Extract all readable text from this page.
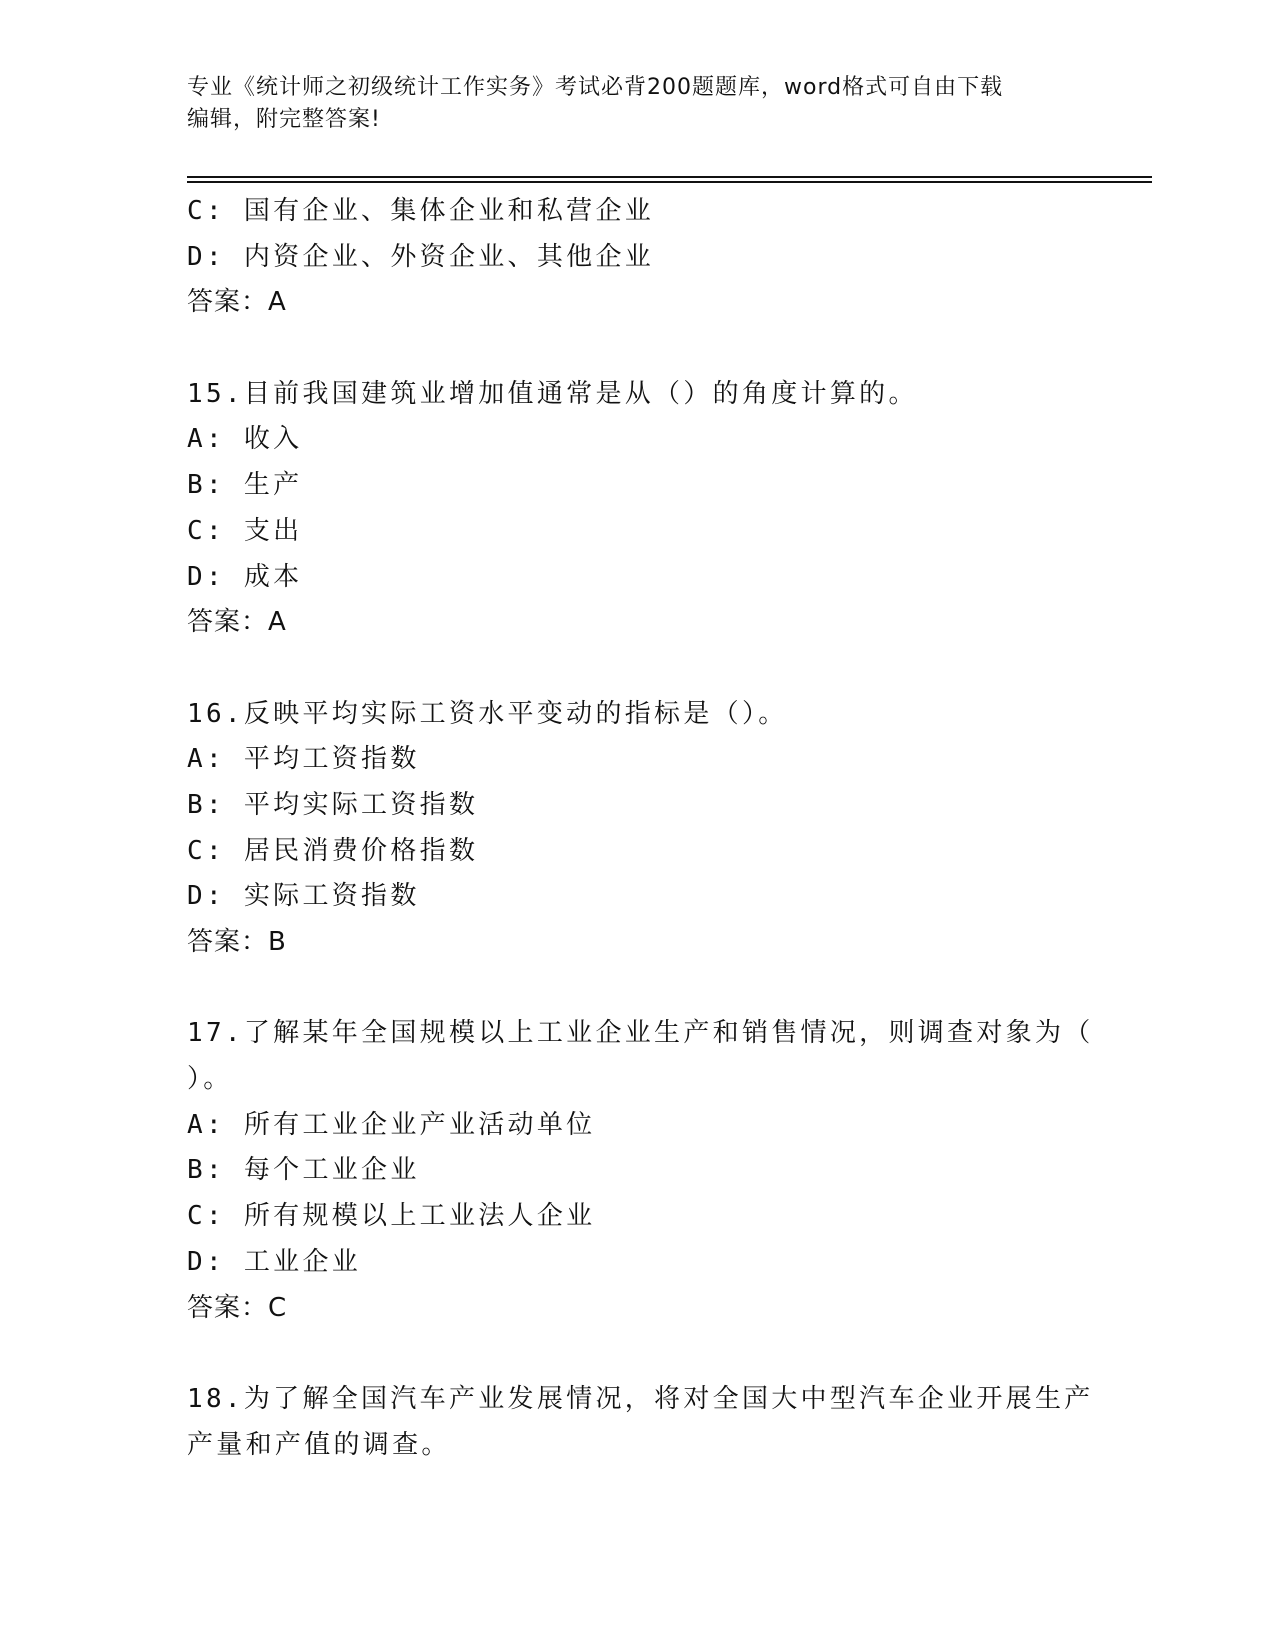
专业《统计师之初级统计工作实务》考试必背200题题库，word格式可自由下载
编辑，附完整答案!
C: 国有企业、集体企业和私营企业
D: 内资企业、外资企业、其他企业
答案：A
15.目前我国建筑业增加值通常是从（）的角度计算的。
A: 收入
B: 生产
C: 支出
D: 成本
答案：A
16.反映平均实际工资水平变动的指标是（）。
A: 平均工资指数
B: 平均实际工资指数
C: 居民消费价格指数
D: 实际工资指数
答案：B
17.了解某年全国规模以上工业企业生产和销售情况，则调查对象为（
）。
A: 所有工业企业产业活动单位
B: 每个工业企业
C: 所有规模以上工业法人企业
D: 工业企业
答案：C
18.为了解全国汽车产业发展情况，将对全国大中型汽车企业开展生产
产量和产值的调查。
